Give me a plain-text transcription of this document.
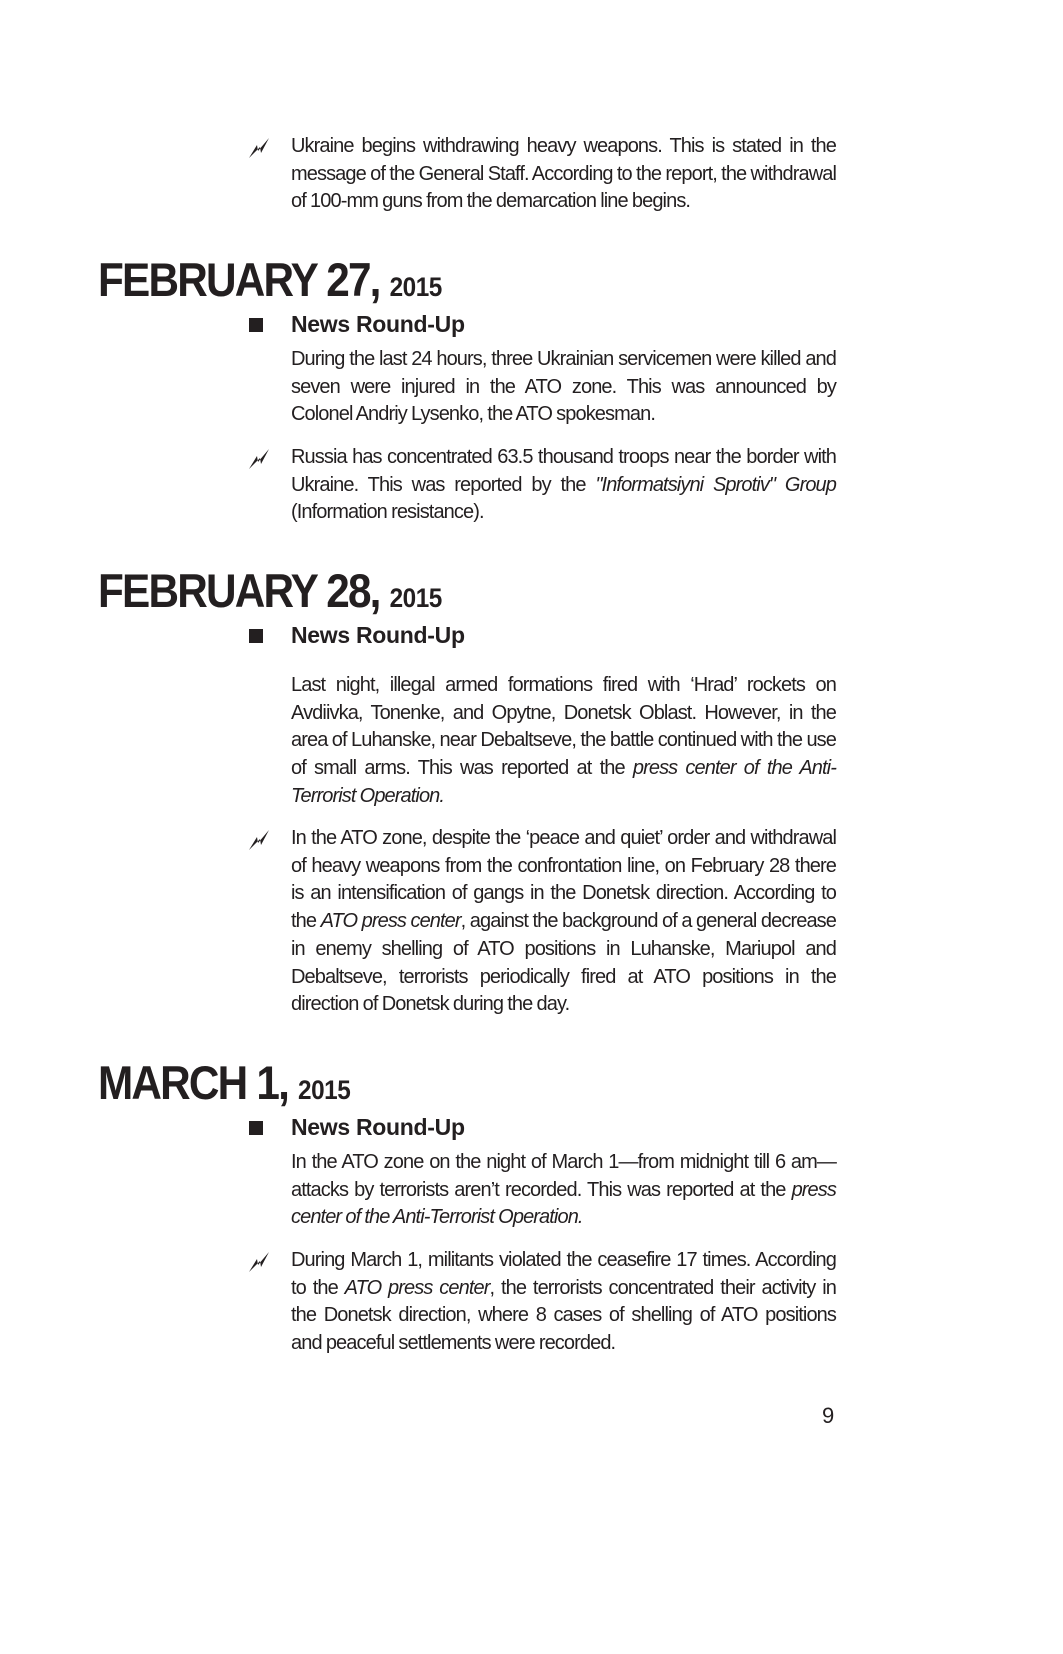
Ukraine begins withdrawing heavy weapons. This is stated in the message of the General Staff. According to the report, the withdrawal of 100-mm guns from the demarcation line begins.
FEBRUARY 27, 2015
News Round-Up
During the last 24 hours, three Ukrainian servicemen were killed and seven were injured in the ATO zone. This was announced by Colonel Andriy Lysenko, the ATO spokesman.
Russia has concentrated 63.5 thousand troops near the border with Ukraine. This was reported by the "Informatsiyni Sprotiv" Group (Information resistance).
FEBRUARY 28, 2015
News Round-Up
Last night, illegal armed formations fired with ‘Hrad’ rockets on Avdiivka, Tonenke, and Opytne, Donetsk Oblast. However, in the area of Luhanske, near Debaltseve, the battle continued with the use of small arms. This was reported at the press center of the Anti-Terrorist Operation.
In the ATO zone, despite the ‘peace and quiet’ order and withdrawal of heavy weapons from the confrontation line, on February 28 there is an intensification of gangs in the Donetsk direction. According to the ATO press center, against the background of a general decrease in enemy shelling of ATO positions in Luhanske, Mariupol and Debaltseve, terrorists periodically fired at ATO positions in the direction of Donetsk during the day.
MARCH 1, 2015
News Round-Up
In the ATO zone on the night of March 1—from midnight till 6 am—attacks by terrorists aren’t recorded. This was reported at the press center of the Anti-Terrorist Operation.
During March 1, militants violated the ceasefire 17 times. According to the ATO press center, the terrorists concentrated their activity in the Donetsk direction, where 8 cases of shelling of ATO positions and peaceful settlements were recorded.
9
